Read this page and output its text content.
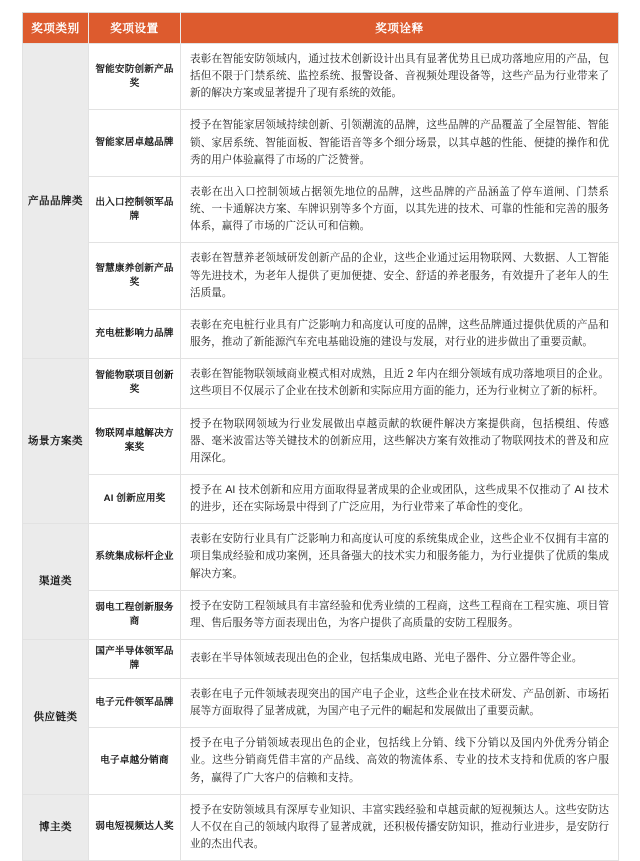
奖项类别	奖项设置	奖项诠释
产品品牌类	智能安防创新产品奖	表彰在智能安防领域内，通过技术创新设计出具有显著优势且已成功落地应用的产品，包括但不限于门禁系统、监控系统、报警设备、音视频处理设备等，这些产品为行业带来了新的解决方案或显著提升了现有系统的效能。
	智能家居卓越品牌	授予在智能家居领域持续创新、引领潮流的品牌，这些品牌的产品覆盖了全屋智能、智能锁、家居系统、智能面板、智能语音等多个细分场景，以其卓越的性能、便捷的操作和优秀的用户体验赢得了市场的广泛赞誉。
	出入口控制领军品牌	表彰在出入口控制领域占据领先地位的品牌，这些品牌的产品涵盖了停车道闸、门禁系统、一卡通解决方案、车牌识别等多个方面，以其先进的技术、可靠的性能和完善的服务体系，赢得了市场的广泛认可和信赖。
	智慧康养创新产品奖	表彰在智慧养老领域研发创新产品的企业，这些企业通过运用物联网、大数据、人工智能等先进技术，为老年人提供了更加便捷、安全、舒适的养老服务，有效提升了老年人的生活质量。
	充电桩影响力品牌	表彰在充电桩行业具有广泛影响力和高度认可度的品牌，这些品牌通过提供优质的产品和服务，推动了新能源汽车充电基础设施的建设与发展，对行业的进步做出了重要贡献。
场景方案类	智能物联项目创新奖	表彰在智能物联领域商业模式相对成熟，且近 2 年内在细分领域有成功落地项目的企业。这些项目不仅展示了企业在技术创新和实际应用方面的能力，还为行业树立了新的标杆。
	物联网卓越解决方案奖	授予在物联网领域为行业发展做出卓越贡献的软硬件解决方案提供商，包括模组、传感器、毫米波雷达等关键技术的创新应用，这些解决方案有效推动了物联网技术的普及和应用深化。
	AI 创新应用奖	授予在 AI 技术创新和应用方面取得显著成果的企业或团队，这些成果不仅推动了 AI 技术的进步，还在实际场景中得到了广泛应用，为行业带来了革命性的变化。
渠道类	系统集成标杆企业	表彰在安防行业具有广泛影响力和高度认可度的系统集成企业，这些企业不仅拥有丰富的项目集成经验和成功案例，还具备强大的技术实力和服务能力，为行业提供了优质的集成解决方案。
	弱电工程创新服务商	授予在安防工程领域具有丰富经验和优秀业绩的工程商，这些工程商在工程实施、项目管理、售后服务等方面表现出色，为客户提供了高质量的安防工程服务。
供应链类	国产半导体领军品牌	表彰在半导体领域表现出色的企业，包括集成电路、光电子器件、分立器件等企业。
	电子元件领军品牌	表彰在电子元件领域表现突出的国产电子企业，这些企业在技术研发、产品创新、市场拓展等方面取得了显著成就，为国产电子元件的崛起和发展做出了重要贡献。
	电子卓越分销商	授予在电子分销领域表现出色的企业，包括线上分销、线下分销以及国内外优秀分销企业。这些分销商凭借丰富的产品线、高效的物流体系、专业的技术支持和优质的客户服务，赢得了广大客户的信赖和支持。
博主类	弱电短视频达人奖	授予在安防领域具有深厚专业知识、丰富实践经验和卓越贡献的短视频达人。这些安防达人不仅在自己的领域内取得了显著成就，还积极传播安防知识，推动行业进步，是安防行业的杰出代表。
